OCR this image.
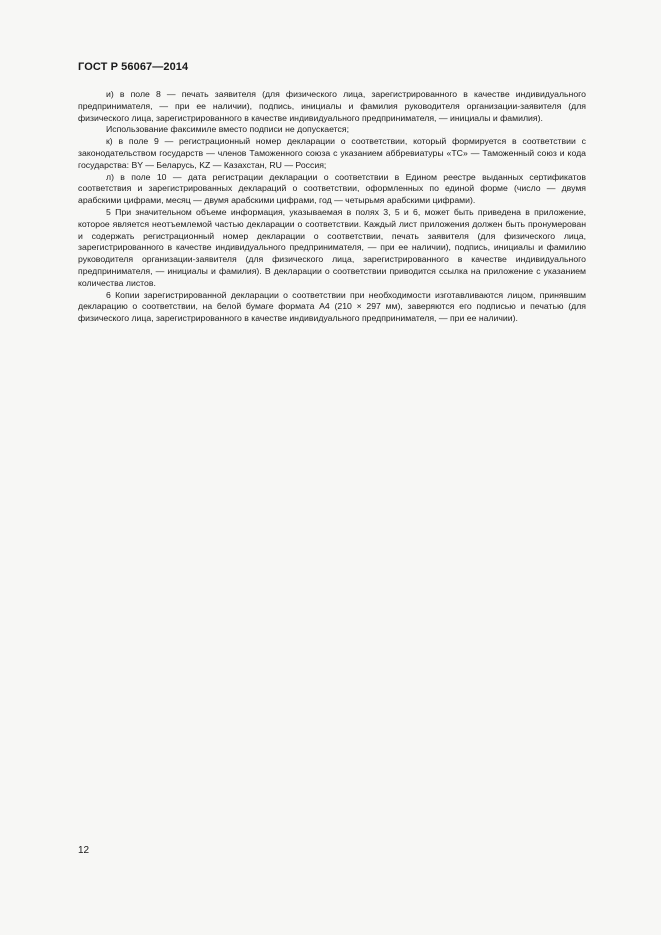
ГОСТ Р 56067—2014

и) в поле 8 — печать заявителя (для физического лица, зарегистрированного в качестве индивидуального предпринимателя, — при ее наличии), подпись, инициалы и фамилия руководителя организации-заявителя (для физического лица, зарегистрированного в качестве индивидуального предпринимателя, — инициалы и фамилия).

Использование факсимиле вместо подписи не допускается;

к) в поле 9 — регистрационный номер декларации о соответствии, который формируется в соответствии с законодательством государств — членов Таможенного союза с указанием аббревиатуры «ТС» — Таможенный союз и кода государства: BY — Беларусь, KZ — Казахстан, RU — Россия;

л) в поле 10 — дата регистрации декларации о соответствии в Едином реестре выданных сертификатов соответствия и зарегистрированных деклараций о соответствии, оформленных по единой форме (число — двумя арабскими цифрами, месяц — двумя арабскими цифрами, год — четырьмя арабскими цифрами).

5 При значительном объеме информация, указываемая в полях 3, 5 и 6, может быть приведена в приложение, которое является неотъемлемой частью декларации о соответствии. Каждый лист приложения должен быть пронумерован и содержать регистрационный номер декларации о соответствии, печать заявителя (для физического лица, зарегистрированного в качестве индивидуального предпринимателя, — при ее наличии), подпись, инициалы и фамилию руководителя организации-заявителя (для физического лица, зарегистрированного в качестве индивидуального предпринимателя, — инициалы и фамилия). В декларации о соответствии приводится ссылка на приложение с указанием количества листов.

6 Копии зарегистрированной декларации о соответствии при необходимости изготавливаются лицом, принявшим декларацию о соответствии, на белой бумаге формата А4 (210 × 297 мм), заверяются его подписью и печатью (для физического лица, зарегистрированного в качестве индивидуального предпринимателя, — при ее наличии).

12
